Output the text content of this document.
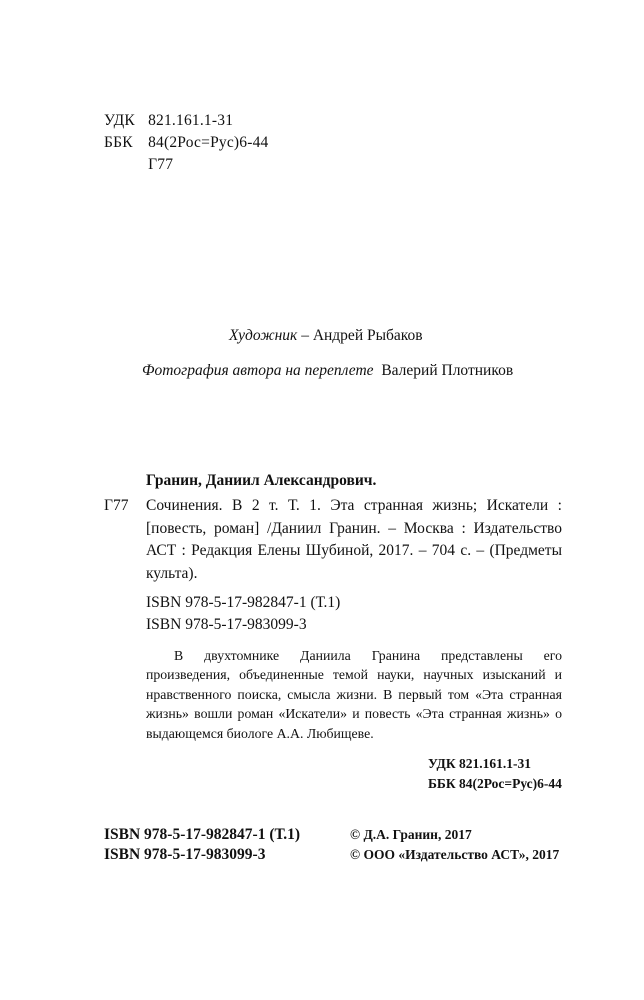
УДК 821.161.1-31
ББК 84(2Рос=Рус)6-44
Г77
Художник – Андрей Рыбаков
Фотография автора на переплете Валерий Плотников
Гранин, Даниил Александрович.
Г77 Сочинения. В 2 т. Т. 1. Эта странная жизнь; Искатели : [повесть, роман] /Даниил Гранин. – Москва : Издательство АСТ : Редакция Елены Шубиной, 2017. – 704 с. – (Предметы культа).
ISBN 978-5-17-982847-1 (Т.1)
ISBN 978-5-17-983099-3
В двухтомнике Даниила Гранина представлены его произведения, объединенные темой науки, научных изысканий и нравственного поиска, смысла жизни. В первый том «Эта странная жизнь» вошли роман «Искатели» и повесть «Эта странная жизнь» о выдающемся биологе А.А. Любищеве.
УДК 821.161.1-31
ББК 84(2Рос=Рус)6-44
ISBN 978-5-17-982847-1 (Т.1)
ISBN 978-5-17-983099-3
© Д.А. Гранин, 2017
© ООО «Издательство АСТ», 2017
